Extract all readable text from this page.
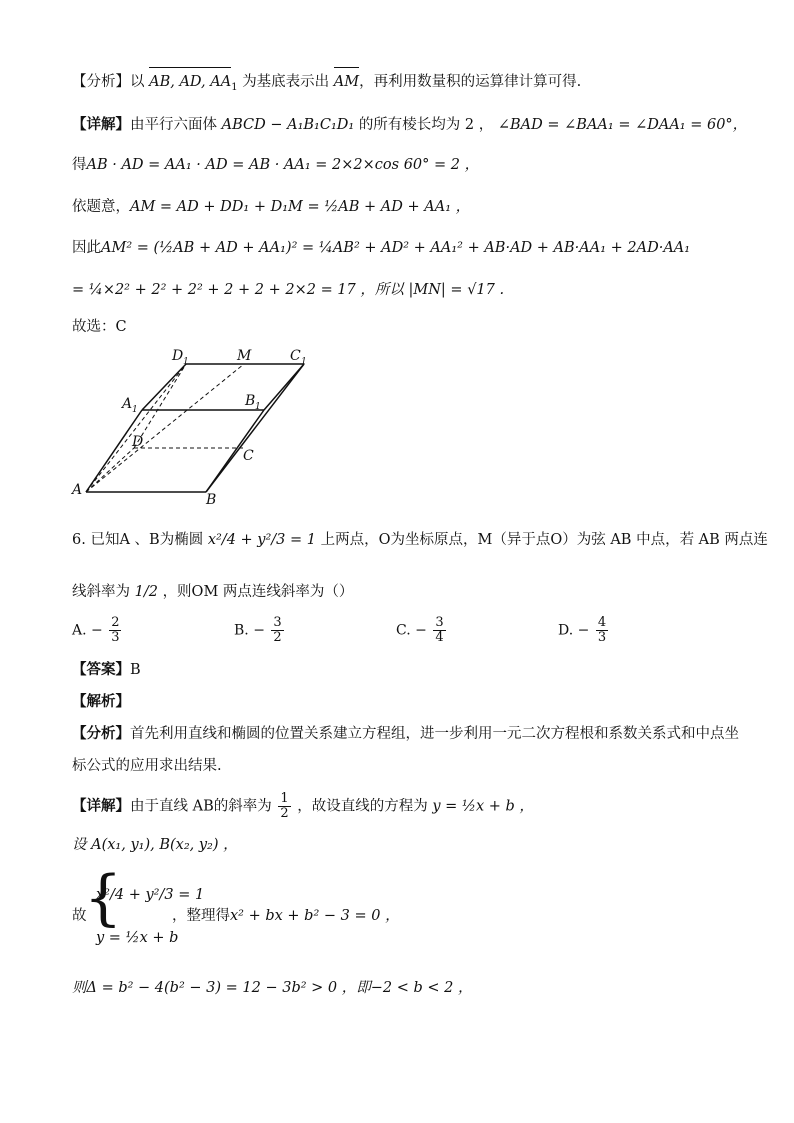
【分析】以 AB, AD, $AA_1$ 为基底表示出 AM，再利用数量积的运算律计算可得.
【详解】由平行六面体 ABCD − A₁B₁C₁D₁ 的所有棱长均为 2 ， ∠BAD = ∠BAA₁ = ∠DAA₁ = 60°，
得AB · AD = AA₁ · AD = AB · AA₁ = 2×2×cos 60° = 2 ，
依题意，AM = AD + DD₁ + D₁M = ½AB + AD + AA₁ ，
因此AM² = (½AB + AD + AA₁)² = ¼AB² + AD² + AA₁² + AB·AD + AB·AA₁ + 2AD·AA₁
= ¼×2² + 2² + 2² + 2 + 2 + 2×2 = 17 ，所以 |MN| = √17 .
故选：C
D 1	M	C 1
A 1
B 1
D
C
A
B
6. 已知A 、B为椭圆 x²/4 + y²/3 = 1 上两点，O为坐标原点，M（异于点O）为弦 AB 中点，若 AB 两点连
线斜率为 1/2 ，则OM 两点连线斜率为（）
A. − $\frac{2}{3}$	B. − $\frac{3}{2}$	C. − $\frac{3}{4}$	D. − $\frac{4}{3}$
【答案】B
【解析】
【分析】首先利用直线和椭圆的位置关系建立方程组，进一步利用一元二次方程根和系数关系式和中点坐
标公式的应用求出结果.
【详解】由于直线 AB的斜率为 $\frac{1}{2}$ ，故设直线的方程为 y = ½x + b ，
设 A(x₁, y₁), B(x₂, y₂) ，
{
x²/4 + y²/3 = 1
y = ½x + b
故	，整理得x² + bx + b² − 3 = 0 ，
则Δ = b² − 4(b² − 3) = 12 − 3b² > 0 ，即−2 < b < 2 ，
